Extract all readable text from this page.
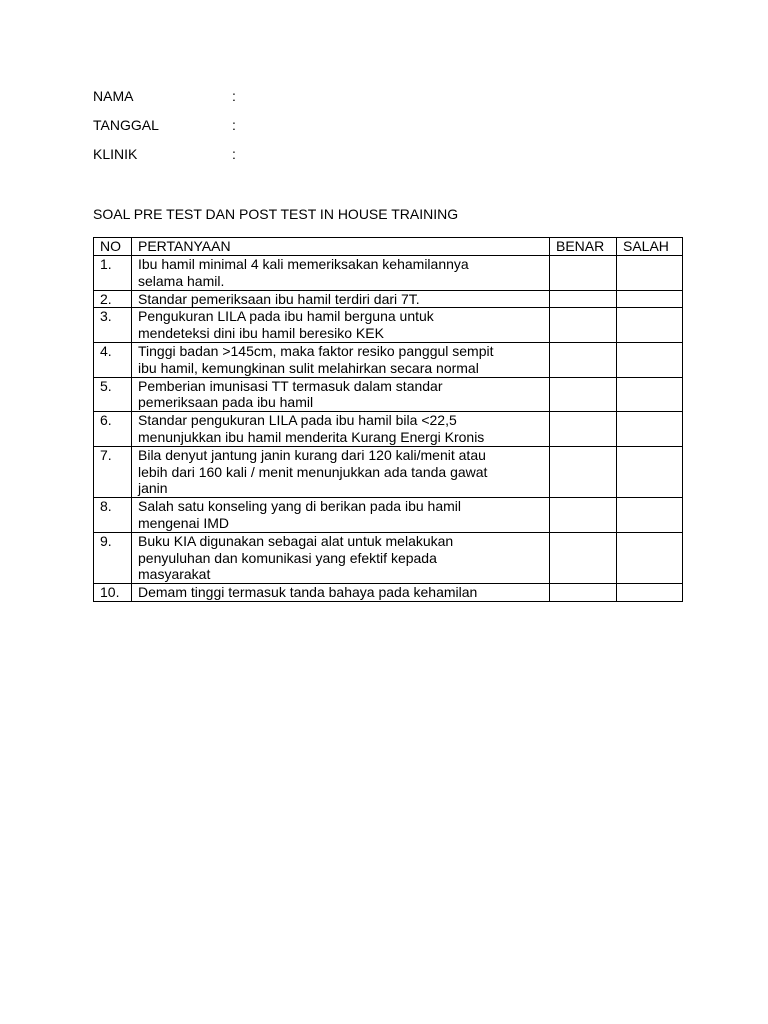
NAMA	:
TANGGAL	:
KLINIK	:
SOAL PRE TEST DAN POST TEST IN HOUSE TRAINING
NO	PERTANYAAN	BENAR	SALAH
1.	Ibu hamil minimal 4 kali memeriksakan kehamilannya
selama hamil.		
2.	Standar pemeriksaan ibu hamil terdiri dari 7T.		
3.	Pengukuran LILA pada ibu hamil berguna untuk
mendeteksi dini ibu hamil beresiko KEK		
4.	Tinggi badan >145cm, maka faktor resiko panggul sempit
ibu hamil, kemungkinan sulit melahirkan secara normal		
5.	Pemberian imunisasi TT termasuk dalam standar
pemeriksaan pada ibu hamil		
6.	Standar pengukuran LILA pada ibu hamil bila <22,5
menunjukkan ibu hamil menderita Kurang Energi Kronis		
7.	Bila denyut jantung janin kurang dari 120 kali/menit atau
lebih dari 160 kali / menit menunjukkan ada tanda gawat
janin		
8.	Salah satu konseling yang di berikan pada ibu hamil
mengenai IMD		
9.	Buku KIA digunakan sebagai alat untuk melakukan
penyuluhan dan komunikasi yang efektif kepada
masyarakat		
10.	Demam tinggi termasuk tanda bahaya pada kehamilan		
